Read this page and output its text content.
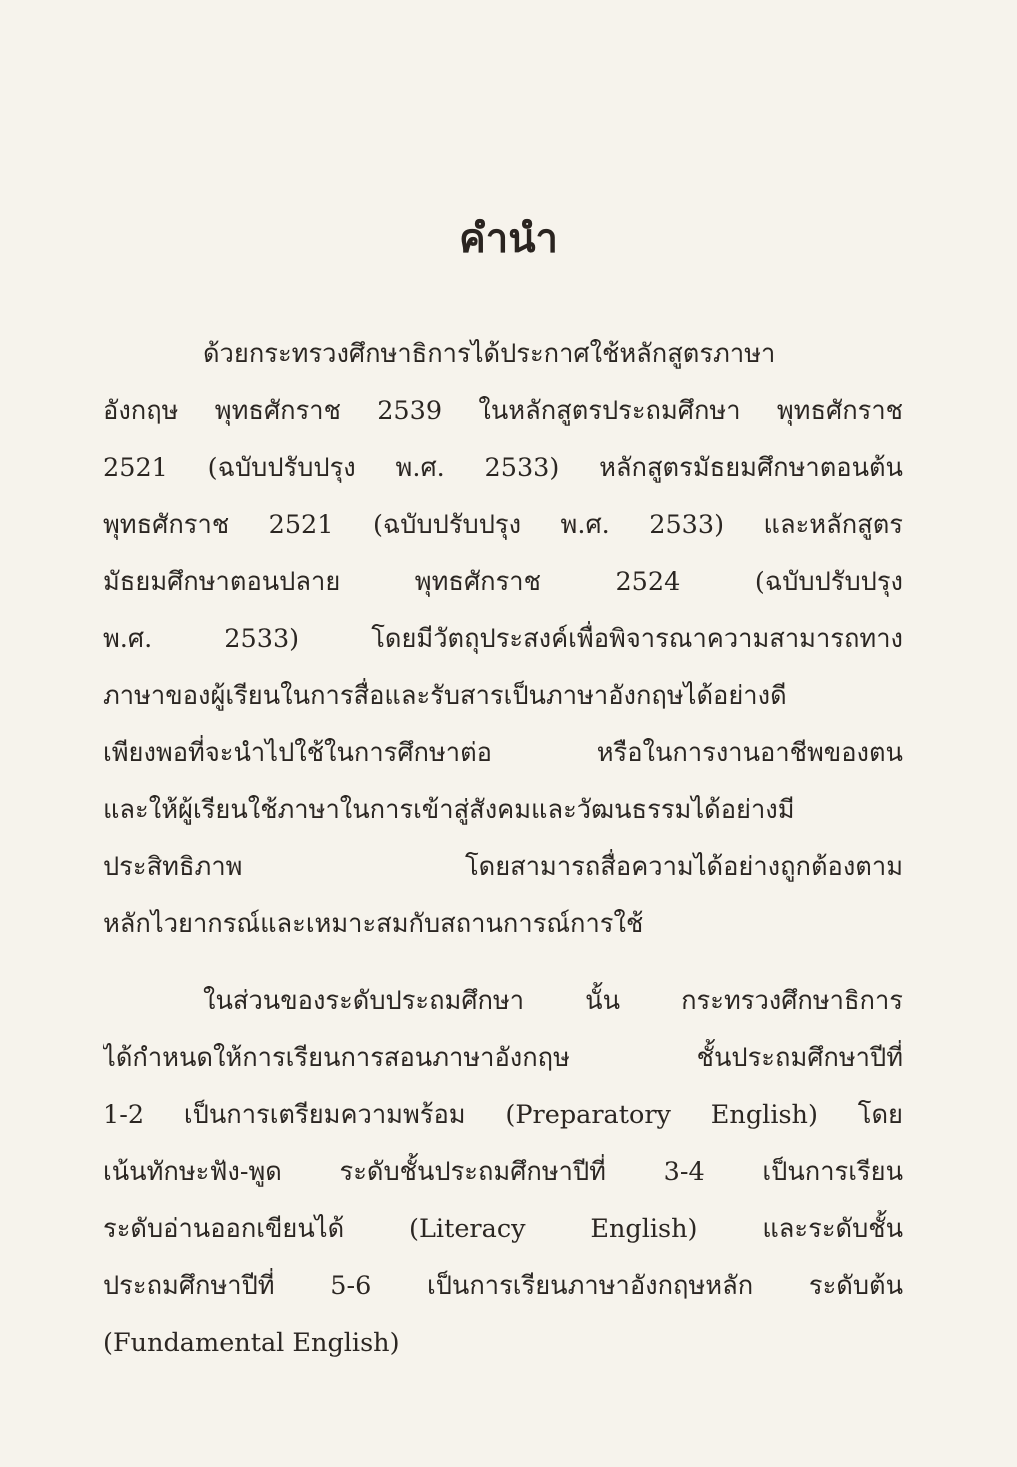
คำนำ
ด้วยกระทรวงศึกษาธิการได้ประกาศใช้หลักสูตรภาษา
อังกฤษ พุทธศักราช 2539 ในหลักสูตรประถมศึกษา พุทธศักราช
2521 (ฉบับปรับปรุง พ.ศ. 2533) หลักสูตรมัธยมศึกษาตอนต้น
พุทธศักราช 2521 (ฉบับปรับปรุง พ.ศ. 2533) และหลักสูตร
มัธยมศึกษาตอนปลาย พุทธศักราช 2524 (ฉบับปรับปรุง
พ.ศ. 2533) โดยมีวัตถุประสงค์เพื่อพิจารณาความสามารถทาง
ภาษาของผู้เรียนในการสื่อและรับสารเป็นภาษาอังกฤษได้อย่างดี
เพียงพอที่จะนำไปใช้ในการศึกษาต่อ หรือในการงานอาชีพของตน
และให้ผู้เรียนใช้ภาษาในการเข้าสู่สังคมและวัฒนธรรมได้อย่างมี
ประสิทธิภาพ โดยสามารถสื่อความได้อย่างถูกต้องตาม
หลักไวยากรณ์และเหมาะสมกับสถานการณ์การใช้
ในส่วนของระดับประถมศึกษา นั้น กระทรวงศึกษาธิการ
ได้กำหนดให้การเรียนการสอนภาษาอังกฤษ ชั้นประถมศึกษาปีที่
1-2 เป็นการเตรียมความพร้อม (Preparatory English) โดย
เน้นทักษะฟัง-พูด ระดับชั้นประถมศึกษาปีที่ 3-4 เป็นการเรียน
ระดับอ่านออกเขียนได้ (Literacy English) และระดับชั้น
ประถมศึกษาปีที่ 5-6 เป็นการเรียนภาษาอังกฤษหลัก ระดับต้น
(Fundamental English)
